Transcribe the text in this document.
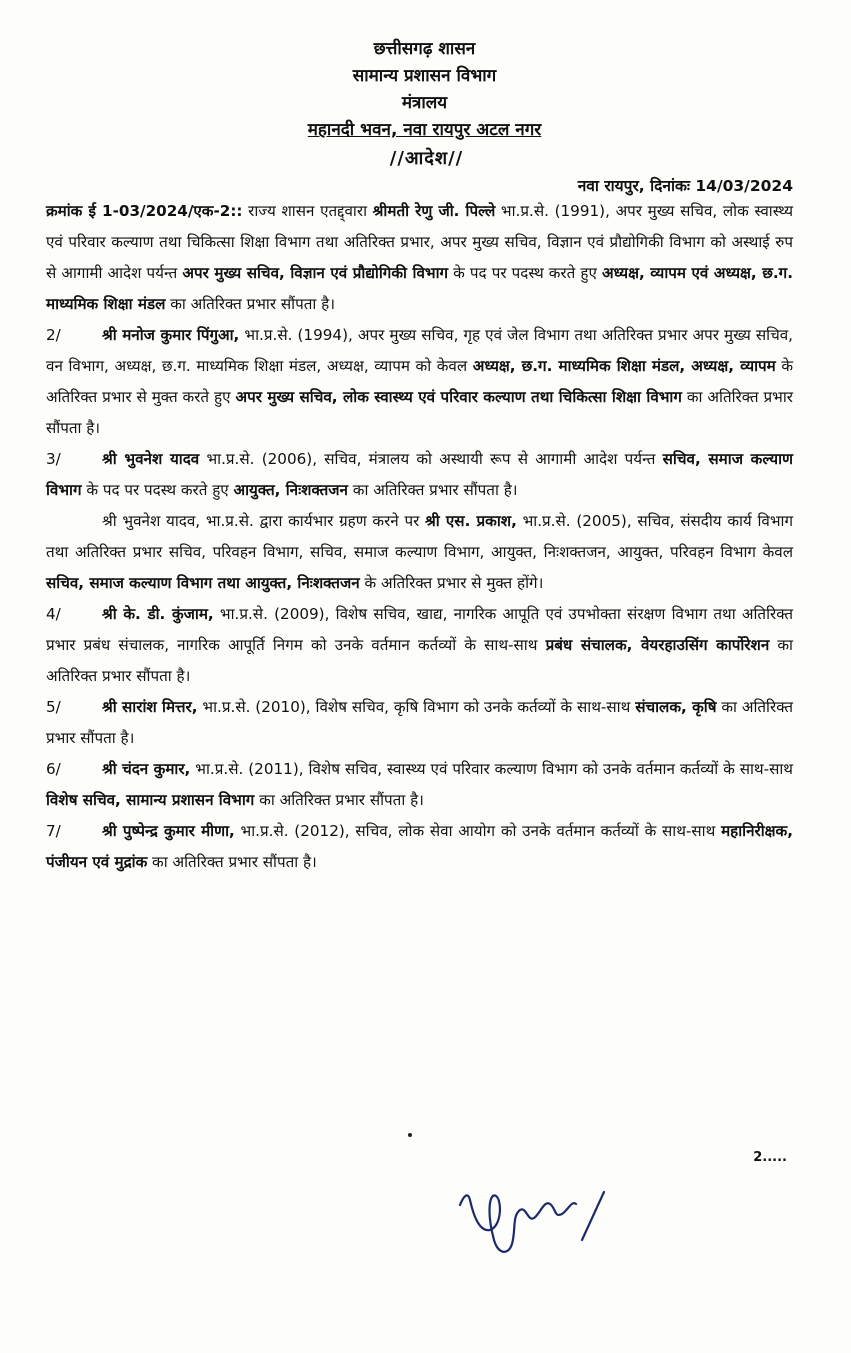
छत्तीसगढ़ शासन
सामान्य प्रशासन विभाग
मंत्रालय
महानदी भवन, नवा रायपुर अटल नगर
//आदेश//
नवा रायपुर, दिनांकः 14/03/2024

क्रमांक ई 1-03/2024/एक-2:: राज्य शासन एतद्द्वारा श्रीमती रेणु जी. पिल्ले भा.प्र.से. (1991), अपर मुख्य सचिव, लोक स्वास्थ्य एवं परिवार कल्याण तथा चिकित्सा शिक्षा विभाग तथा अतिरिक्त प्रभार, अपर मुख्य सचिव, विज्ञान एवं प्रौद्योगिकी विभाग को अस्थाई रुप से आगामी आदेश पर्यन्त अपर मुख्य सचिव, विज्ञान एवं प्रौद्योगिकी विभाग के पद पर पदस्थ करते हुए अध्यक्ष, व्यापम एवं अध्यक्ष, छ.ग. माध्यमिक शिक्षा मंडल का अतिरिक्त प्रभार सौंपता है।

2/	श्री मनोज कुमार पिंगुआ, भा.प्र.से. (1994), अपर मुख्य सचिव, गृह एवं जेल विभाग तथा अतिरिक्त प्रभार अपर मुख्य सचिव, वन विभाग, अध्यक्ष, छ.ग. माध्यमिक शिक्षा मंडल, अध्यक्ष, व्यापम को केवल अध्यक्ष, छ.ग. माध्यमिक शिक्षा मंडल, अध्यक्ष, व्यापम के अतिरिक्त प्रभार से मुक्त करते हुए अपर मुख्य सचिव, लोक स्वास्थ्य एवं परिवार कल्याण तथा चिकित्सा शिक्षा विभाग का अतिरिक्त प्रभार सौंपता है।

3/	श्री भुवनेश यादव भा.प्र.से. (2006), सचिव, मंत्रालय को अस्थायी रूप से आगामी आदेश पर्यन्त सचिव, समाज कल्याण विभाग के पद पर पदस्थ करते हुए आयुक्त, निःशक्तजन का अतिरिक्त प्रभार सौंपता है।

श्री भुवनेश यादव, भा.प्र.से. द्वारा कार्यभार ग्रहण करने पर श्री एस. प्रकाश, भा.प्र.से. (2005), सचिव, संसदीय कार्य विभाग तथा अतिरिक्त प्रभार सचिव, परिवहन विभाग, सचिव, समाज कल्याण विभाग, आयुक्त, निःशक्तजन, आयुक्त, परिवहन विभाग केवल सचिव, समाज कल्याण विभाग तथा आयुक्त, निःशक्तजन के अतिरिक्त प्रभार से मुक्त होंगे।

4/	श्री के. डी. कुंजाम, भा.प्र.से. (2009), विशेष सचिव, खाद्य, नागरिक आपूति एवं उपभोक्ता संरक्षण विभाग तथा अतिरिक्त प्रभार प्रबंध संचालक, नागरिक आपूर्ति निगम को उनके वर्तमान कर्तव्यों के साथ-साथ प्रबंध संचालक, वेयरहाउसिंग कार्पोरेशन का अतिरिक्त प्रभार सौंपता है।

5/	श्री सारांश मित्तर, भा.प्र.से. (2010), विशेष सचिव, कृषि विभाग को उनके कर्तव्यों के साथ-साथ संचालक, कृषि का अतिरिक्त प्रभार सौंपता है।

6/	श्री चंदन कुमार, भा.प्र.से. (2011), विशेष सचिव, स्वास्थ्य एवं परिवार कल्याण विभाग को उनके वर्तमान कर्तव्यों के साथ-साथ विशेष सचिव, सामान्य प्रशासन विभाग का अतिरिक्त प्रभार सौंपता है।

7/	श्री पुष्पेन्द्र कुमार मीणा, भा.प्र.से. (2012), सचिव, लोक सेवा आयोग को उनके वर्तमान कर्तव्यों के साथ-साथ महानिरीक्षक, पंजीयन एवं मुद्रांक का अतिरिक्त प्रभार सौंपता है।

2.....
